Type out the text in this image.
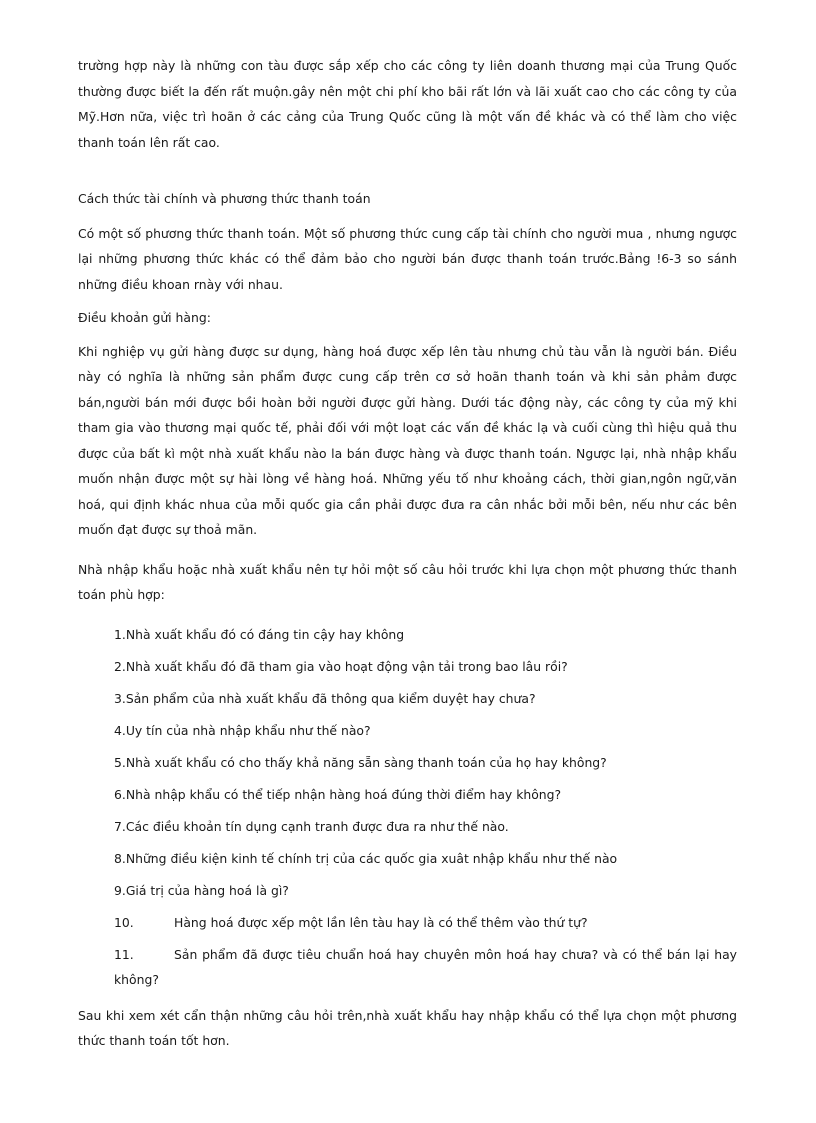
trường hợp này là những con tàu được sắp xếp cho các công ty liên doanh thương mại của Trung Quốc thường được biết la đến rất muộn.gây nên một chi phí kho bãi rất lớn và lãi xuất cao cho các công ty của Mỹ.Hơn nữa, việc trì hoãn ở các cảng của Trung Quốc cũng là một vấn đề khác và có thể làm cho việc thanh toán lên rất cao.

Cách thức tài chính và phương thức thanh toán

Có một số phương thức thanh toán. Một số phương thức cung cấp tài chính cho người mua , nhưng ngược lại những phương thức khác có thể đảm bảo cho người bán được thanh toán trước.Bảng !6-3 so sánh những điều khoan rnày với nhau.

Điều khoản gửi hàng:

Khi nghiệp vụ gửi hàng được sư dụng, hàng hoá được xếp lên tàu nhưng chủ tàu vẫn là người bán. Điều này có nghĩa là những sản phẩm được cung cấp trên cơ sở hoãn thanh toán và khi sản phảm được bán,người bán mới được bồi hoàn bởi người được gửi hàng. Dưới tác động này, các công ty của mỹ khi tham gia vào thương mại quốc tế, phải đối với một loạt các vấn đề khác lạ và cuối cùng thì hiệu quả thu được của bất kì một nhà xuất khẩu nào la bán được hàng và được thanh toán. Ngược lại, nhà nhập khẩu muốn nhận được một sự hài lòng về hàng hoá. Những yếu tố như khoảng cách, thời gian,ngôn ngữ,văn hoá, qui định khác nhua của mỗi quốc gia cần phải được đưa ra cân nhắc bởi mỗi bên, nếu như các bên muốn đạt được sự thoả mãn.

Nhà nhập khẩu hoặc nhà xuất khẩu nên tự hỏi một số câu hỏi trước khi lựa chọn một phương thức thanh toán phù hợp:

1. Nhà xuất khẩu đó có đáng tin cậy hay không
2. Nhà xuất khẩu đó đã tham gia vào hoạt động vận tải trong bao lâu rồi?
3. Sản phẩm của nhà xuất khẩu đã thông qua kiểm duyệt hay chưa?
4. Uy tín của nhà nhập khẩu như thế nào?
5. Nhà xuất khẩu có cho thấy khả năng sẵn sàng thanh toán của họ hay không?
6. Nhà nhập khẩu có thể tiếp nhận hàng hoá đúng thời điểm hay không?
7. Các điều khoản tín dụng cạnh tranh được đưa ra như thế nào.
8. Những điều kiện kinh tế chính trị của các quốc gia xuât nhập khẩu như thế nào
9. Giá trị của hàng hoá là gì?
10.	Hàng hoá được xếp một lần lên tàu hay là có thể thêm vào thứ tự?
11.	Sản phẩm đã được tiêu chuẩn hoá hay chuyên môn hoá hay chưa? và có thể bán lại hay không?

Sau khi xem xét cẩn thận những câu hỏi trên,nhà xuất khẩu hay nhập khẩu có thể lựa chọn một phương thức thanh toán tốt hơn.
